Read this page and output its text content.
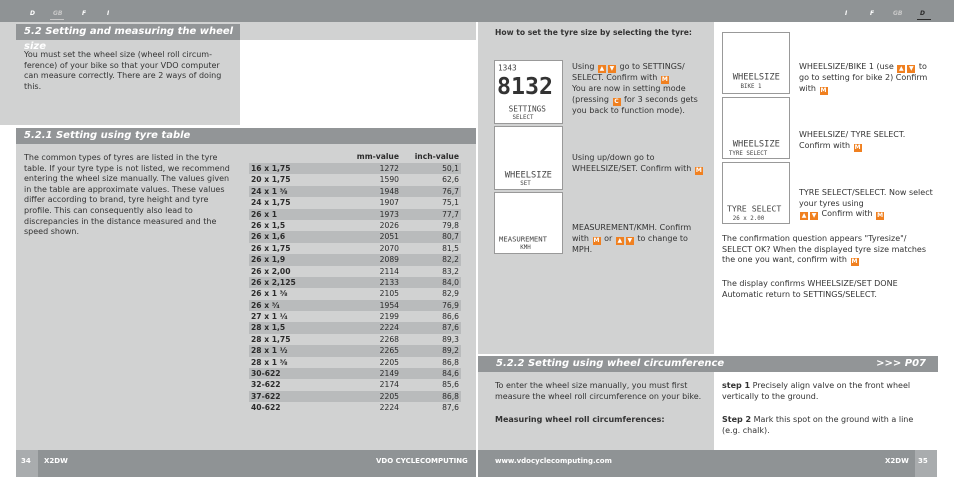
D	GB	F	I	I	F	GB	D
5.2 Setting and measuring the wheel size
You must set the wheel size (wheel roll circum-ference) of your bike so that your VDO computer can measure correctly. There are 2 ways of doing this.
5.2.1 Setting using tyre table
The common types of tyres are listed in the tyre table. If your tyre type is not listed, we recommend entering the wheel size manually. The values given in the table are approximate values. These values differ according to brand, tyre height and tyre profile. This can consequently also lead to discrepancies in the distance measured and the speed shown.
mm-value inch-value
16 x 1,75	1272	50,1
20 x 1,75	1590	62,6
24 x 1 ³⁄₈	1948	76,7
24 x 1,75	1907	75,1
26 x 1	1973	77,7
26 x 1,5	2026	79,8
26 x 1,6	2051	80,7
26 x 1,75	2070	81,5
26 x 1,9	2089	82,2
26 x 2,00	2114	83,2
26 x 2,125	2133	84,0
26 x 1 ³⁄₈	2105	82,9
26 x ³⁄₄	1954	76,9
27 x 1 ¹⁄₄	2199	86,6
28 x 1,5	2224	87,6
28 x 1,75	2268	89,3
28 x 1 ¹⁄₂	2265	89,2
28 x 1 ³⁄₈	2205	86,8
30-622	2149	84,6
32-622	2174	85,6
37-622	2205	86,8
40-622	2224	87,6
How to set the tyre size by selecting the tyre:
1343
8132
SETTINGS
SELECT
WHEELSIZE
SET
MEASUREMENT
KMH
Using ▲ ▼ go to SETTINGS/ SELECT. Confirm with M
You are now in setting mode (pressing C for 3 seconds gets you back to function mode).
Using up/down go to WHEELSIZE/SET. Confirm with M
MEASUREMENT/KMH. Confirm with M or ▲ ▼ to change to MPH.
WHEELSIZE
BIKE 1
WHEELSIZE
TYRE SELECT
TYRE SELECT
26 x 2.00
WHEELSIZE/BIKE 1 (use ▲ ▼ to go to setting for bike 2) Confirm with M
WHEELSIZE/ TYRE SELECT. Confirm with M
TYRE SELECT/SELECT. Now select your tyres using
▲ ▼ Confirm with M
The confirmation question appears "Tyresize"/ SELECT OK? When the displayed tyre size matches the one you want, confirm with M
The display confirms WHEELSIZE/SET DONE Automatic return to SETTINGS/SELECT.
5.2.2 Setting using wheel circumference	>>> P07
To enter the wheel size manually, you must first measure the wheel roll circumference on your bike.
Measuring wheel roll circumferences:
step 1 Precisely align valve on the front wheel vertically to the ground.
Step 2 Mark this spot on the ground with a line (e.g. chalk).
34 X2DW	VDO CYCLECOMPUTING	www.vdocyclecomputing.com	X2DW 35
